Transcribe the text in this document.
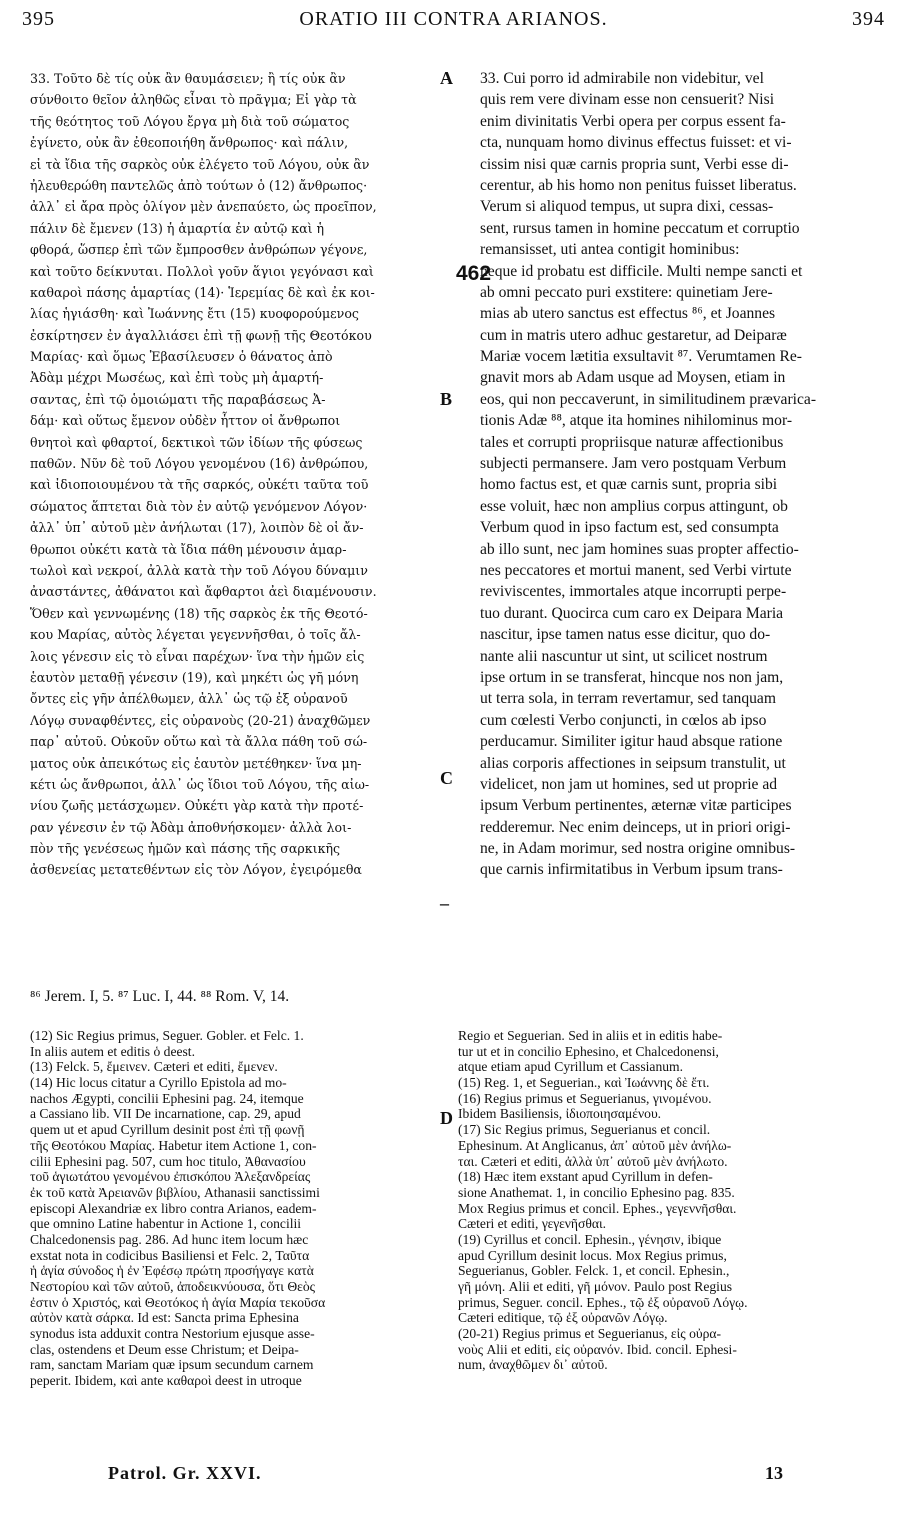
395	ORATIO III CONTRA ARIANOS.	394
33. Τοῦτο δὲ τίς οὐκ ἂν θαυμάσειεν; ἢ τίς οὐκ ἂν
σύνθοιτο θεῖον ἀληθῶς εἶναι τὸ πρᾶγμα; Εἰ γὰρ τὰ
τῆς θεότητος τοῦ Λόγου ἔργα μὴ διὰ τοῦ σώματος
ἐγίνετο, οὐκ ἂν ἐθεοποιήθη ἄνθρωπος· καὶ πάλιν,
εἰ τὰ ἴδια τῆς σαρκὸς οὐκ ἐλέγετο τοῦ Λόγου, οὐκ ἂν
ἠλευθερώθη παντελῶς ἀπὸ τούτων ὁ (12) ἄνθρωπος·
ἀλλ᾽ εἰ ἄρα πρὸς ὀλίγον μὲν ἀνεπαύετο, ὡς προεῖπον,
πάλιν δὲ ἔμενεν (13) ἡ ἁμαρτία ἐν αὐτῷ καὶ ἡ
φθορά, ὥσπερ ἐπὶ τῶν ἔμπροσθεν ἀνθρώπων γέγονε,
καὶ τοῦτο δείκνυται. Πολλοὶ γοῦν ἅγιοι γεγόνασι καὶ
καθαροὶ πάσης ἁμαρτίας (14)· Ἱερεμίας δὲ καὶ ἐκ κοι-
λίας ἡγιάσθη· καὶ Ἰωάννης ἔτι (15) κυοφορούμενος
ἐσκίρτησεν ἐν ἀγαλλιάσει ἐπὶ τῇ φωνῇ τῆς Θεοτόκου
Μαρίας· καὶ ὅμως Ἐβασίλευσεν ὁ θάνατος ἀπὸ
Ἀδὰμ μέχρι Μωσέως, καὶ ἐπὶ τοὺς μὴ ἁμαρτή-
σαντας, ἐπὶ τῷ ὁμοιώματι τῆς παραβάσεως Ἀ-
δάμ· καὶ οὕτως ἔμενον οὐδὲν ἧττον οἱ ἄνθρωποι
θνητοὶ καὶ φθαρτοί, δεκτικοὶ τῶν ἰδίων τῆς φύσεως
παθῶν. Νῦν δὲ τοῦ Λόγου γενομένου (16) ἀνθρώπου,
καὶ ἰδιοποιουμένου τὰ τῆς σαρκός, οὐκέτι ταῦτα τοῦ
σώματος ἅπτεται διὰ τὸν ἐν αὐτῷ γενόμενον Λόγον·
ἀλλ᾽ ὑπ᾽ αὐτοῦ μὲν ἀνήλωται (17), λοιπὸν δὲ οἱ ἄν-
θρωποι οὐκέτι κατὰ τὰ ἴδια πάθη μένουσιν ἁμαρ-
τωλοὶ καὶ νεκροί, ἀλλὰ κατὰ τὴν τοῦ Λόγου δύναμιν
ἀναστάντες, ἀθάνατοι καὶ ἄφθαρτοι ἀεὶ διαμένουσιν.
Ὅθεν καὶ γεννωμένης (18) τῆς σαρκὸς ἐκ τῆς Θεοτό-
κου Μαρίας, αὐτὸς λέγεται γεγεννῆσθαι, ὁ τοῖς ἄλ-
λοις γένεσιν εἰς τὸ εἶναι παρέχων· ἵνα τὴν ἡμῶν εἰς
ἑαυτὸν μεταθῇ γένεσιν (19), καὶ μηκέτι ὡς γῆ μόνη
ὄντες εἰς γῆν ἀπέλθωμεν, ἀλλ᾽ ὡς τῷ ἐξ οὐρανοῦ
Λόγῳ συναφθέντες, εἰς οὐρανοὺς (20-21) ἀναχθῶμεν
παρ᾽ αὐτοῦ. Οὐκοῦν οὕτω καὶ τὰ ἄλλα πάθη τοῦ σώ-
ματος οὐκ ἀπεικότως εἰς ἑαυτὸν μετέθηκεν· ἵνα μη-
κέτι ὡς ἄνθρωποι, ἀλλ᾽ ὡς ἴδιοι τοῦ Λόγου, τῆς αἰω-
νίου ζωῆς μετάσχωμεν. Οὐκέτι γὰρ κατὰ τὴν προτέ-
ραν γένεσιν ἐν τῷ Ἀδὰμ ἀποθνήσκομεν· ἀλλὰ λοι-
πὸν τῆς γενέσεως ἡμῶν καὶ πάσης τῆς σαρκικῆς
ἀσθενείας μετατεθέντων εἰς τὸν Λόγον, ἐγειρόμεθα
33. Cui porro id admirabile non videbitur, vel
quis rem vere divinam esse non censuerit? Nisi
enim divinitatis Verbi opera per corpus essent fa-
cta, nunquam homo divinus effectus fuisset: et vi-
cissim nisi quæ carnis propria sunt, Verbi esse di-
cerentur, ab his homo non penitus fuisset liberatus.
Verum si aliquod tempus, ut supra dixi, cessas-
sent, rursus tamen in homine peccatum et corruptio
remansisset, uti antea contigit hominibus:
neque id probatu est difficile. Multi nempe sancti et
ab omni peccato puri exstitere: quinetiam Jere-
mias ab utero sanctus est effectus ⁸⁶, et Joannes
cum in matris utero adhuc gestaretur, ad Deiparæ
Mariæ vocem lætitia exsultavit ⁸⁷. Verumtamen Re-
gnavit mors ab Adam usque ad Moysen, etiam in
eos, qui non peccaverunt, in similitudinem prævarica-
tionis Adæ ⁸⁸, atque ita homines nihilominus mor-
tales et corrupti propriisque naturæ affectionibus
subjecti permansere. Jam vero postquam Verbum
homo factus est, et quæ carnis sunt, propria sibi
esse voluit, hæc non amplius corpus attingunt, ob
Verbum quod in ipso factum est, sed consumpta
ab illo sunt, nec jam homines suas propter affectio-
nes peccatores et mortui manent, sed Verbi virtute
reviviscentes, immortales atque incorrupti perpe-
tuo durant. Quocirca cum caro ex Deipara Maria
nascitur, ipse tamen natus esse dicitur, quo do-
nante alii nascuntur ut sint, ut scilicet nostrum
ipse ortum in se transferat, hincque nos non jam,
ut terra sola, in terram revertamur, sed tanquam
cum cœlesti Verbo conjuncti, in cœlos ab ipso
perducamur. Similiter igitur haud absque ratione
alias corporis affectiones in seipsum transtulit, ut
videlicet, non jam ut homines, sed ut proprie ad
ipsum Verbum pertinentes, æternæ vitæ participes
redderemur. Nec enim deinceps, ut in priori origi-
ne, in Adam morimur, sed nostra origine omnibus-
que carnis infirmitatibus in Verbum ipsum trans-
A
B
C
–
D
462
⁸⁶ Jerem. I, 5. ⁸⁷ Luc. I, 44. ⁸⁸ Rom. V, 14.
(12) Sic Regius primus, Seguer. Gobler. et Felc. 1.
In aliis autem et editis ὁ deest.
(13) Felck. 5, ἔμεινεν. Cæteri et editi, ἔμενεν.
(14) Hic locus citatur a Cyrillo Epistola ad mo-
nachos Ægypti, concilii Ephesini pag. 24, itemque
a Cassiano lib. VII De incarnatione, cap. 29, apud
quem ut et apud Cyrillum desinit post ἐπὶ τῇ φωνῇ
τῆς Θεοτόκου Μαρίας. Habetur item Actione 1, con-
cilii Ephesini pag. 507, cum hoc titulo, Ἀθανασίου
τοῦ ἁγιωτάτου γενομένου ἐπισκόπου Ἀλεξανδρείας
ἐκ τοῦ κατὰ Ἀρειανῶν βιβλίου, Athanasii sanctissimi
episcopi Alexandriæ ex libro contra Arianos, eadem-
que omnino Latine habentur in Actione 1, concilii
Chalcedonensis pag. 286. Ad hunc item locum hæc
exstat nota in codicibus Basiliensi et Felc. 2, Ταῦτα
ἡ ἁγία σύνοδος ἡ ἐν Ἐφέσῳ πρώτη προσήγαγε κατὰ
Νεστορίου καὶ τῶν αὐτοῦ, ἀποδεικνύουσα, ὅτι Θεὸς
ἐστιν ὁ Χριστός, καὶ Θεοτόκος ἡ ἁγία Μαρία τεκοῦσα
αὐτὸν κατὰ σάρκα. Id est: Sancta prima Ephesina
synodus ista adduxit contra Nestorium ejusque asse-
clas, ostendens et Deum esse Christum; et Deipa-
ram, sanctam Mariam quæ ipsum secundum carnem
peperit. Ibidem, καὶ ante καθαροὶ deest in utroque
Regio et Seguerian. Sed in aliis et in editis habe-
tur ut et in concilio Ephesino, et Chalcedonensi,
atque etiam apud Cyrillum et Cassianum.
(15) Reg. 1, et Seguerian., καὶ Ἰωάννης δὲ ἔτι.
(16) Regius primus et Seguerianus, γινομένου.
Ibidem Basiliensis, ἰδιοποιησαμένου.
(17) Sic Regius primus, Seguerianus et concil.
Ephesinum. At Anglicanus, ἀπ᾽ αὐτοῦ μὲν ἀνήλω-
ται. Cæteri et editi, ἀλλὰ ὑπ᾽ αὐτοῦ μὲν ἀνήλωτο.
(18) Hæc item exstant apud Cyrillum in defen-
sione Anathemat. 1, in concilio Ephesino pag. 835.
Mox Regius primus et concil. Ephes., γεγεννῆσθαι.
Cæteri et editi, γεγενῆσθαι.
(19) Cyrillus et concil. Ephesin., γένησιν, ibique
apud Cyrillum desinit locus. Mox Regius primus,
Seguerianus, Gobler. Felck. 1, et concil. Ephesin.,
γῆ μόνη. Alii et editi, γῆ μόνον. Paulo post Regius
primus, Seguer. concil. Ephes., τῷ ἐξ οὐρανοῦ Λόγῳ.
Cæteri editique, τῷ ἐξ οὐρανῶν Λόγῳ.
(20-21) Regius primus et Seguerianus, εἰς οὐρα-
νοὺς Alii et editi, εἰς οὐρανόν. Ibid. concil. Ephesi-
num, ἀναχθῶμεν δι᾽ αὐτοῦ.
Patrol. Gr. XXVI.	13
